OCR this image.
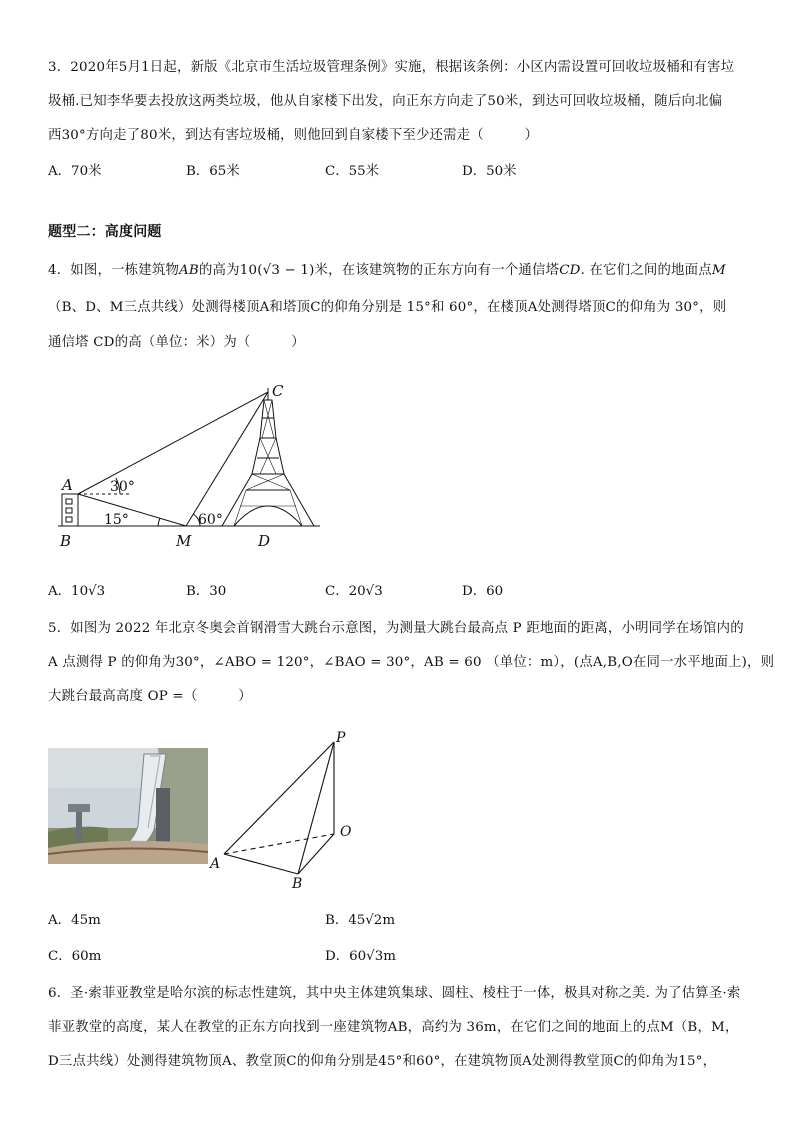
3．2020年5月1日起，新版《北京市生活垃圾管理条例》实施，根据该条例：小区内需设置可回收垃圾桶和有害垃
圾桶.已知李华要去投放这两类垃圾，他从自家楼下出发，向正东方向走了50米，到达可回收垃圾桶，随后向北偏
西30°方向走了80米，到达有害垃圾桶，则他回到自家楼下至少还需走（　　　）
A．70米	B．65米	C．55米	D．50米
题型二：高度问题
4．如图，一栋建筑物AB的高为10(√3 − 1)米，在该建筑物的正东方向有一个通信塔CD. 在它们之间的地面点M
（B、D、M三点共线）处测得楼顶A和塔顶C的仰角分别是 15°和 60°，在楼顶A处测得塔顶C的仰角为 30°，则
通信塔 CD的高（单位：米）为（　　　）
C
A
B	M	D
30°
15°	60°
A．10√3	B．30	C．20√3	D．60
5．如图为 2022 年北京冬奥会首钢滑雪大跳台示意图，为测量大跳台最高点 P 距地面的距离，小明同学在场馆内的
A 点测得 P 的仰角为30°，∠ABO = 120°，∠BAO = 30°，AB = 60 （单位：m），(点A,B,O在同一水平地面上)，则
大跳台最高高度 OP =（　　　）
P
O
A
B
A．45m	B．45√2m
C．60m	D．60√3m
6．圣·索菲亚教堂是哈尔滨的标志性建筑，其中央主体建筑集球、圆柱、棱柱于一体，极具对称之美. 为了估算圣·索
菲亚教堂的高度，某人在教堂的正东方向找到一座建筑物AB，高约为 36m，在它们之间的地面上的点M（B，M，
D三点共线）处测得建筑物顶A、教堂顶C的仰角分别是45°和60°，在建筑物顶A处测得教堂顶C的仰角为15°，
